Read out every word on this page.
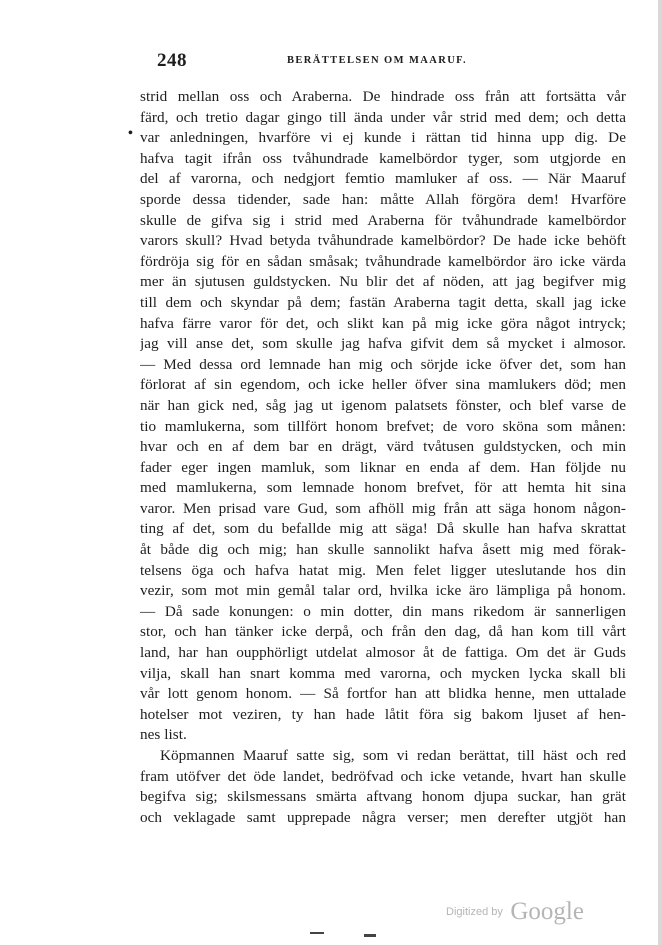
248	BERÄTTELSEN OM MAARUF.
•
strid mellan oss och Araberna. De hindrade oss från att fortsätta vår
färd, och tretio dagar gingo till ända under vår strid med dem; och detta
var anledningen, hvarföre vi ej kunde i rättan tid hinna upp dig. De
hafva tagit ifrån oss tvåhundrade kamelbördor tyger, som utgjorde en
del af varorna, och nedgjort femtio mamluker af oss. — När Maaruf
sporde dessa tidender, sade han: måtte Allah förgöra dem! Hvarföre
skulle de gifva sig i strid med Araberna för tvåhundrade kamelbördor
varors skull? Hvad betyda tvåhundrade kamelbördor? De hade icke behöft
fördröja sig för en sådan småsak; tvåhundrade kamelbördor äro icke värda
mer än sjutusen guldstycken. Nu blir det af nöden, att jag begifver mig
till dem och skyndar på dem; fastän Araberna tagit detta, skall jag icke
hafva färre varor för det, och slikt kan på mig icke göra något intryck;
jag vill anse det, som skulle jag hafva gifvit dem så mycket i almosor.
— Med dessa ord lemnade han mig och sörjde icke öfver det, som han
förlorat af sin egendom, och icke heller öfver sina mamlukers död; men
när han gick ned, såg jag ut igenom palatsets fönster, och blef varse de
tio mamlukerna, som tillfört honom brefvet; de voro sköna som månen:
hvar och en af dem bar en drägt, värd tvåtusen guldstycken, och min
fader eger ingen mamluk, som liknar en enda af dem. Han följde nu
med mamlukerna, som lemnade honom brefvet, för att hemta hit sina
varor. Men prisad vare Gud, som afhöll mig från att säga honom någon-
ting af det, som du befallde mig att säga! Då skulle han hafva skrattat
åt både dig och mig; han skulle sannolikt hafva åsett mig med förak-
telsens öga och hafva hatat mig. Men felet ligger uteslutande hos din
vezir, som mot min gemål talar ord, hvilka icke äro lämpliga på honom.
— Då sade konungen: o min dotter, din mans rikedom är sannerligen
stor, och han tänker icke derpå, och från den dag, då han kom till vårt
land, har han oupphörligt utdelat almosor åt de fattiga. Om det är Guds
vilja, skall han snart komma med varorna, och mycken lycka skall bli
vår lott genom honom. — Så fortfor han att blidka henne, men uttalade
hotelser mot veziren, ty han hade låtit föra sig bakom ljuset af hen-
nes list.
Köpmannen Maaruf satte sig, som vi redan berättat, till häst och red
fram utöfver det öde landet, bedröfvad och icke vetande, hvart han skulle
begifva sig; skilsmessans smärta aftvang honom djupa suckar, han grät
och veklagade samt upprepade några verser; men derefter utgjöt han
Digitized by Google
